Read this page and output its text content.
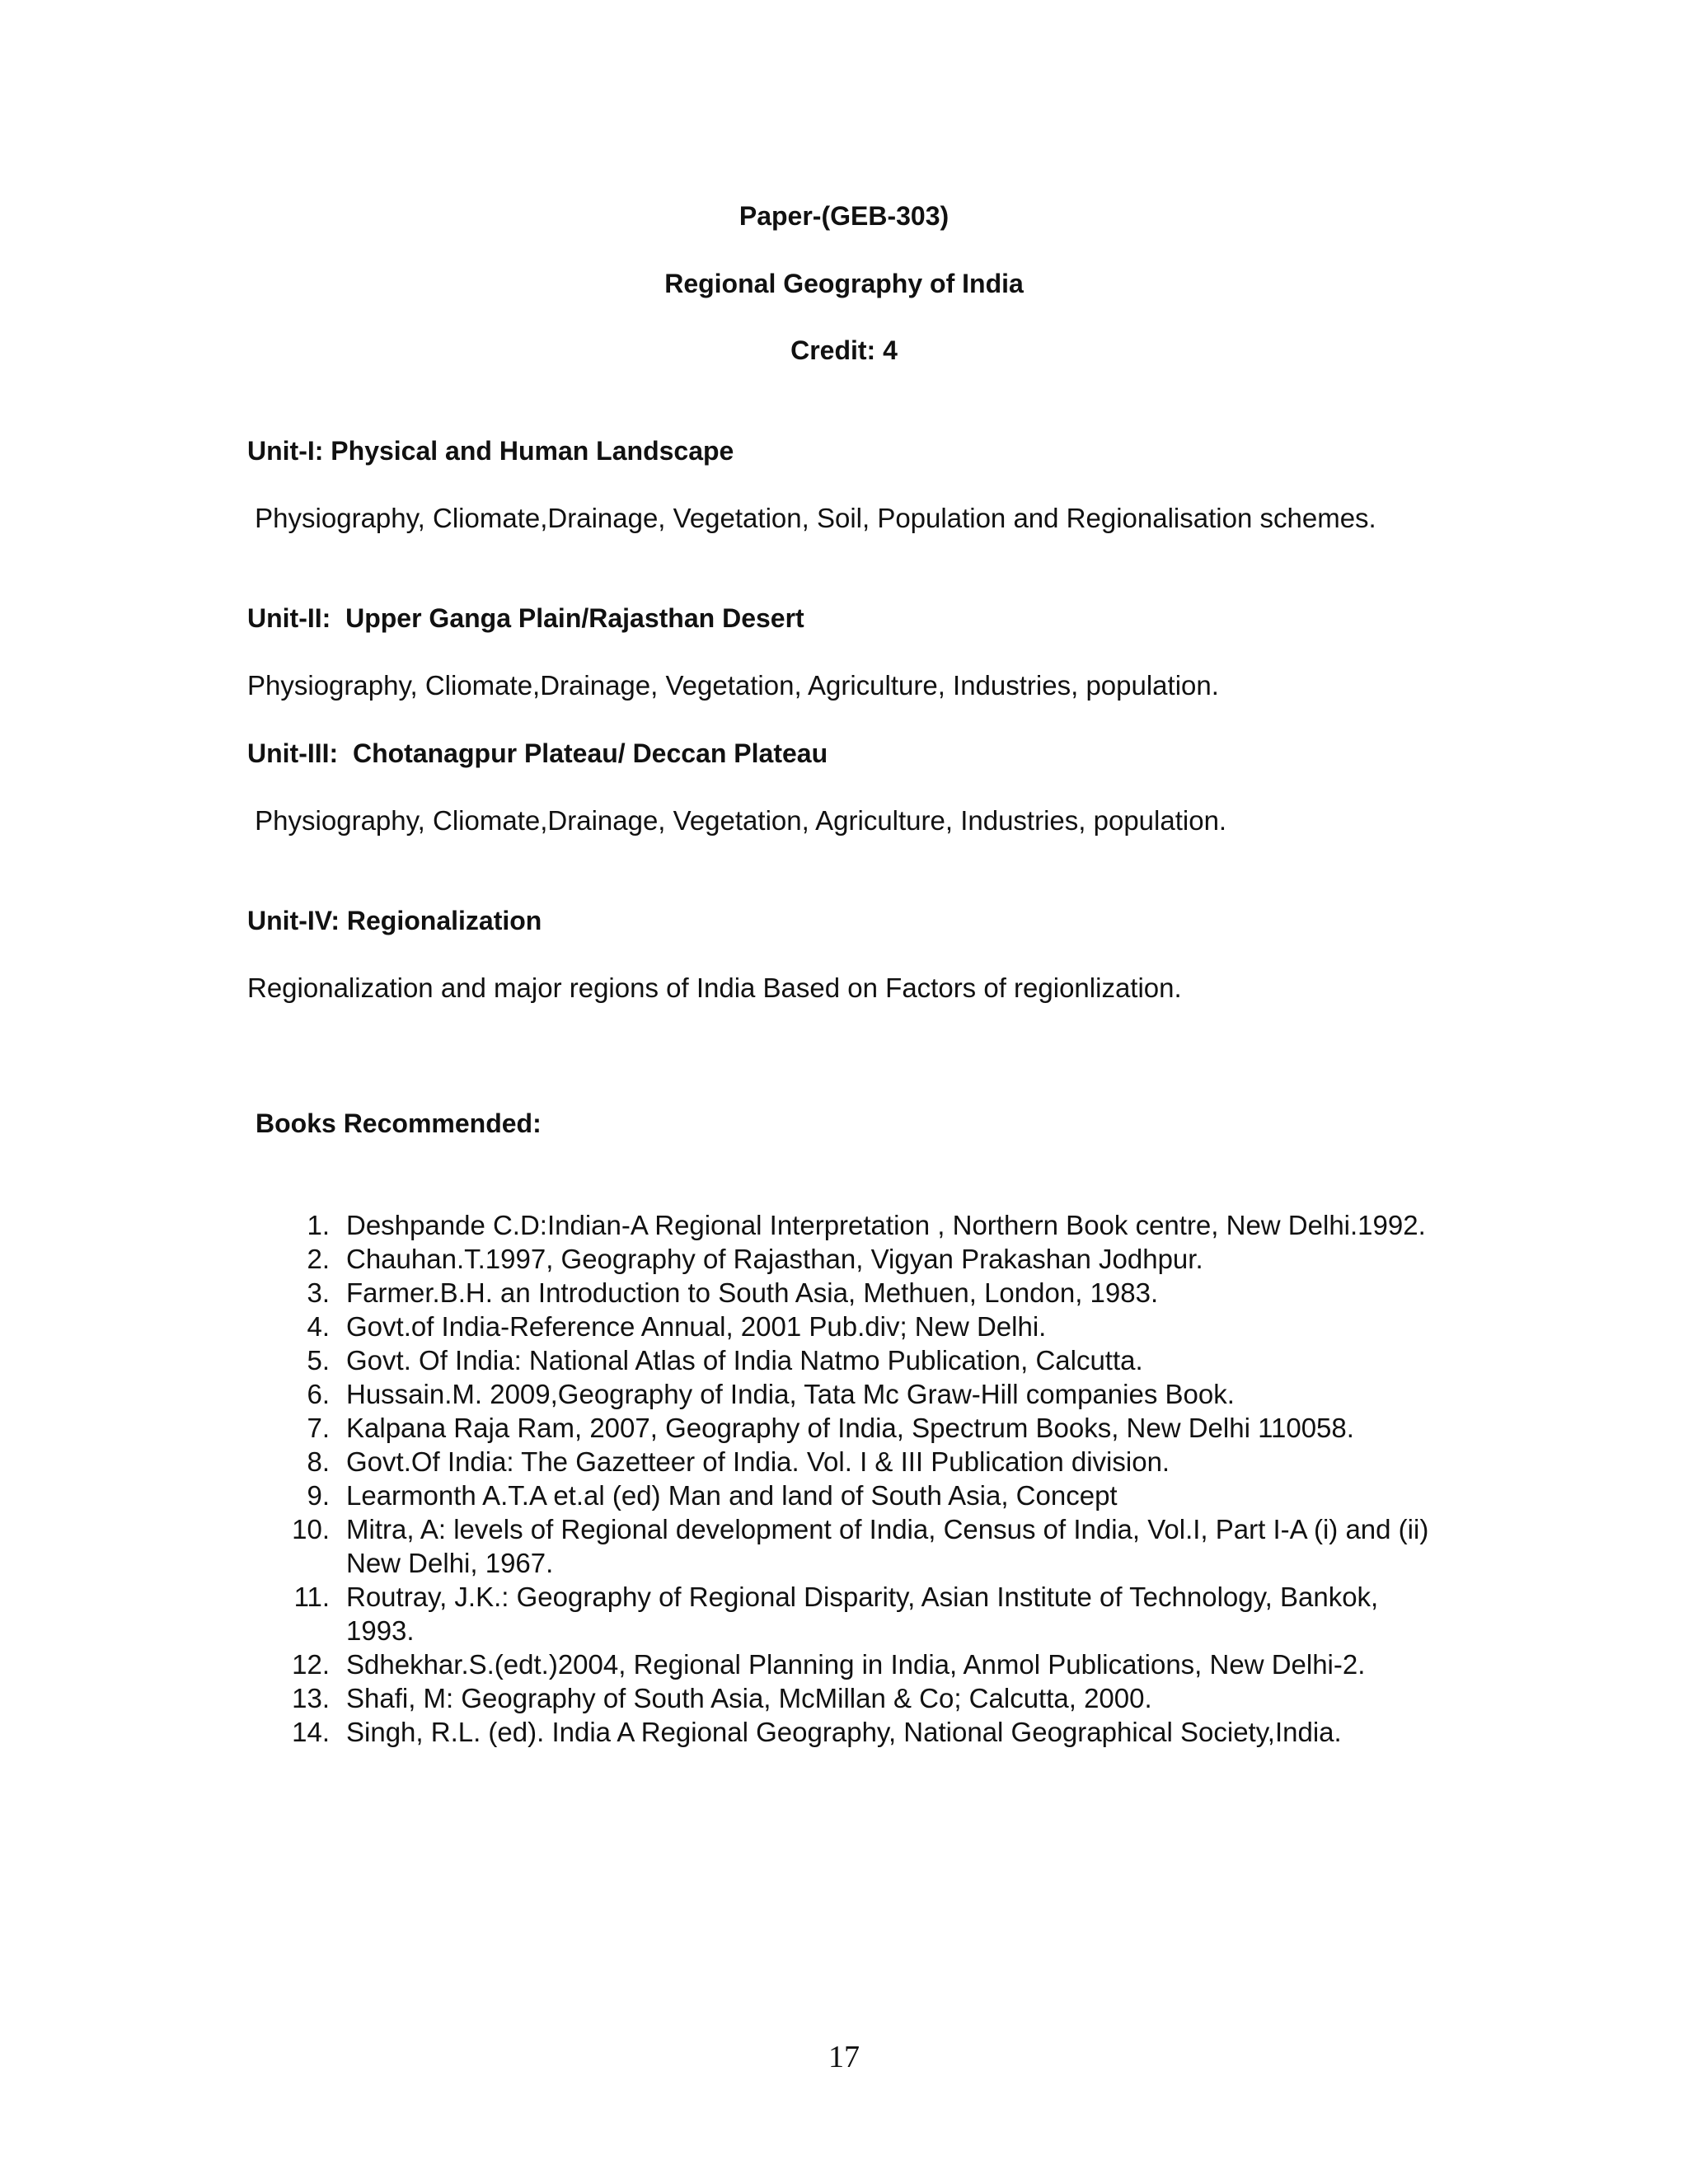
Paper-(GEB-303)
Regional Geography of India
Credit: 4
Unit-I: Physical and Human Landscape
Physiography, Cliomate,Drainage, Vegetation, Soil, Population and Regionalisation schemes.
Unit-II:  Upper Ganga Plain/Rajasthan Desert
Physiography, Cliomate,Drainage, Vegetation, Agriculture, Industries, population.
Unit-III:  Chotanagpur Plateau/ Deccan Plateau
Physiography, Cliomate,Drainage, Vegetation, Agriculture, Industries, population.
Unit-IV: Regionalization
Regionalization and major regions of India Based on Factors of regionlization.
Books Recommended:
1. Deshpande C.D:Indian-A Regional Interpretation , Northern Book centre, New Delhi.1992.
2. Chauhan.T.1997, Geography of Rajasthan, Vigyan Prakashan Jodhpur.
3. Farmer.B.H. an Introduction to South Asia, Methuen, London, 1983.
4. Govt.of India-Reference Annual, 2001 Pub.div; New Delhi.
5. Govt. Of India: National Atlas of India Natmo Publication, Calcutta.
6. Hussain.M. 2009,Geography of India, Tata Mc Graw-Hill companies Book.
7. Kalpana Raja Ram, 2007, Geography of India, Spectrum Books, New Delhi 110058.
8. Govt.Of India: The Gazetteer of India. Vol. I & III Publication division.
9. Learmonth A.T.A et.al (ed) Man and land of South Asia, Concept
10. Mitra, A: levels of Regional development of India, Census of India, Vol.I, Part I-A (i) and (ii) New Delhi, 1967.
11. Routray, J.K.: Geography of Regional Disparity, Asian Institute of Technology, Bankok, 1993.
12. Sdhekhar.S.(edt.)2004, Regional Planning in India, Anmol Publications, New Delhi-2.
13. Shafi, M: Geography of South Asia, McMillan & Co; Calcutta, 2000.
14. Singh, R.L. (ed). India A Regional Geography, National Geographical Society,India.
17
